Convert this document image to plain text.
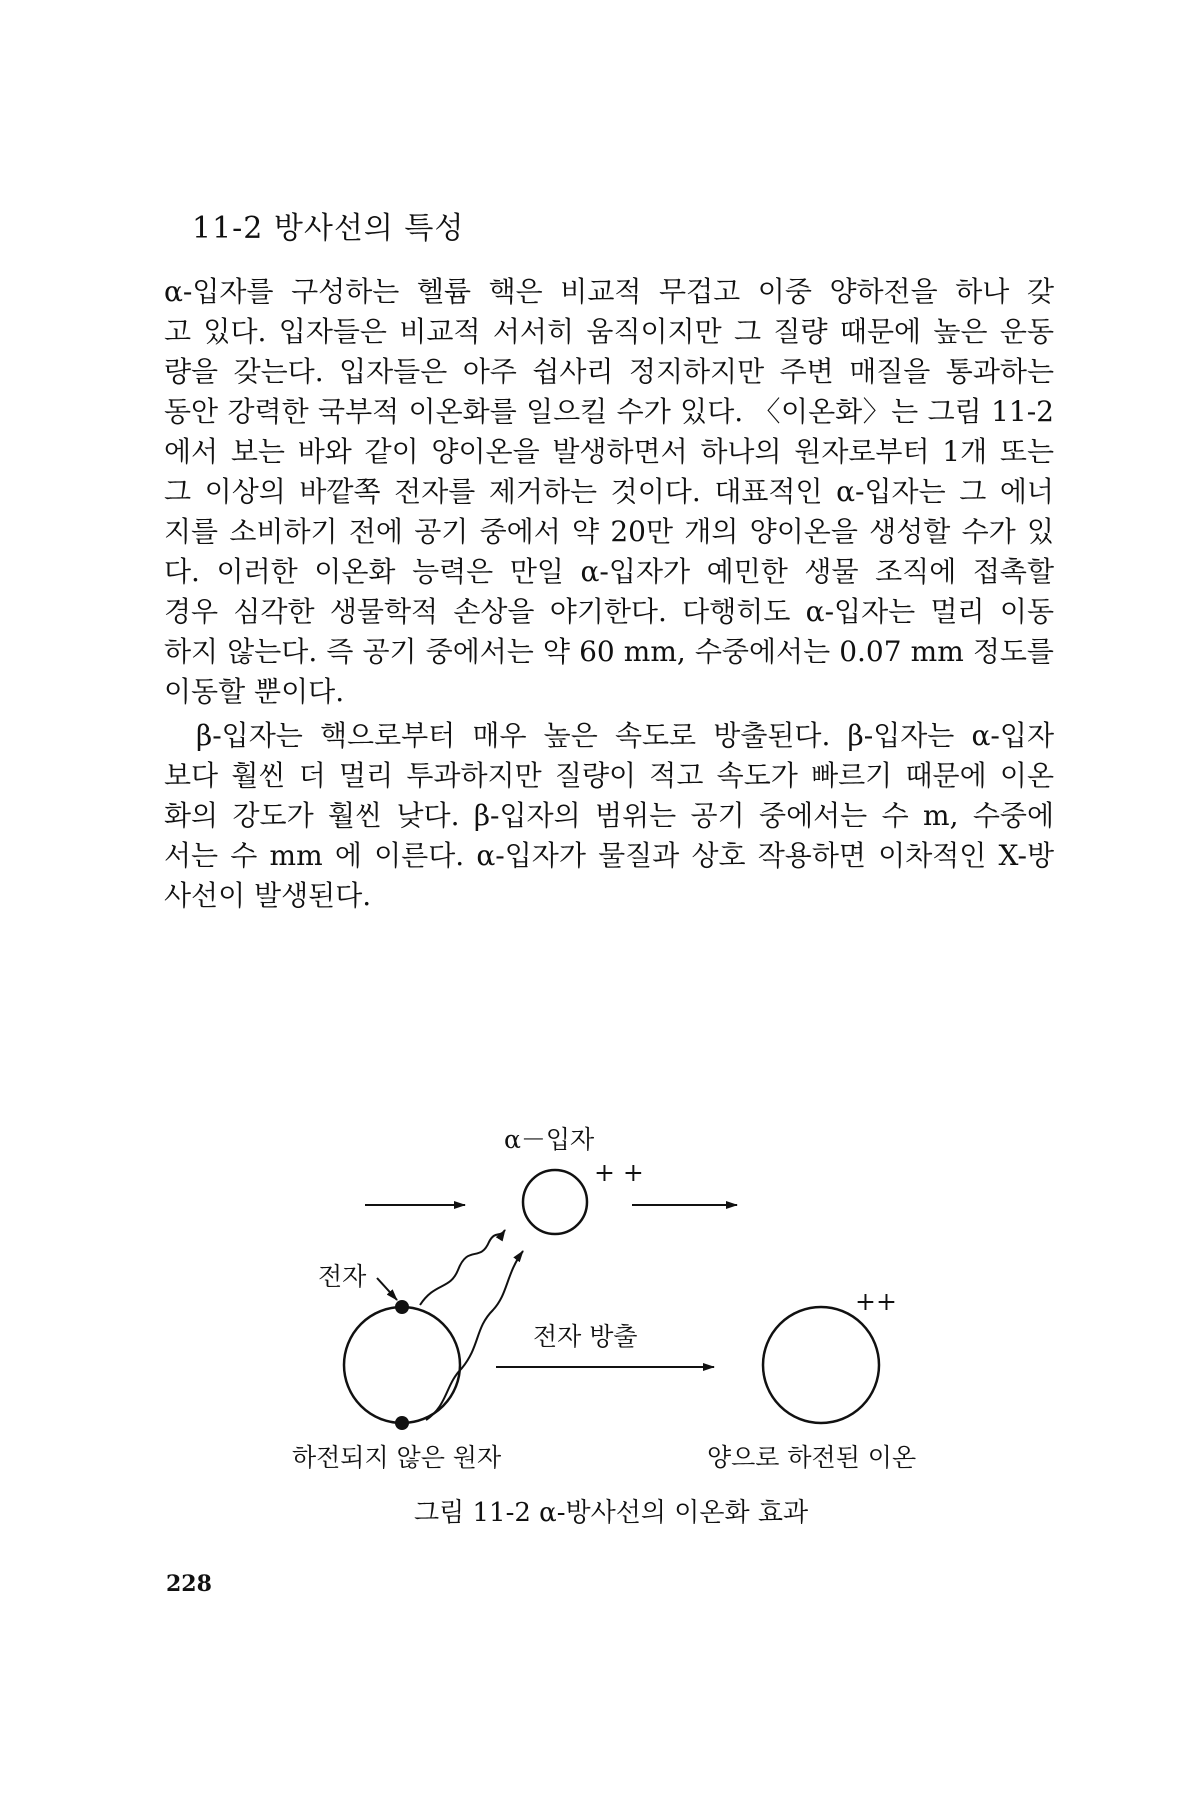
11-2 방사선의 특성
α-입자를 구성하는 헬륨 핵은 비교적 무겁고 이중 양하전을 하나 갖
고 있다. 입자들은 비교적 서서히 움직이지만 그 질량 때문에 높은 운동
량을 갖는다. 입자들은 아주 쉽사리 정지하지만 주변 매질을 통과하는
동안 강력한 국부적 이온화를 일으킬 수가 있다. 〈이온화〉는 그림 11-2
에서 보는 바와 같이 양이온을 발생하면서 하나의 원자로부터 1개 또는
그 이상의 바깥쪽 전자를 제거하는 것이다. 대표적인 α-입자는 그 에너
지를 소비하기 전에 공기 중에서 약 20만 개의 양이온을 생성할 수가 있
다. 이러한 이온화 능력은 만일 α-입자가 예민한 생물 조직에 접촉할
경우 심각한 생물학적 손상을 야기한다. 다행히도 α-입자는 멀리 이동
하지 않는다. 즉 공기 중에서는 약 60 mm, 수중에서는 0.07 mm 정도를
이동할 뿐이다.
β-입자는 핵으로부터 매우 높은 속도로 방출된다. β-입자는 α-입자
보다 훨씬 더 멀리 투과하지만 질량이 적고 속도가 빠르기 때문에 이온
화의 강도가 훨씬 낮다. β-입자의 범위는 공기 중에서는 수 m, 수중에
서는 수 mm 에 이른다. α-입자가 물질과 상호 작용하면 이차적인 X-방
사선이 발생된다.
α－입자
+ +
전자
전자 방출
++
하전되지 않은 원자	양으로 하전된 이온
그림 11-2 α-방사선의 이온화 효과
228
